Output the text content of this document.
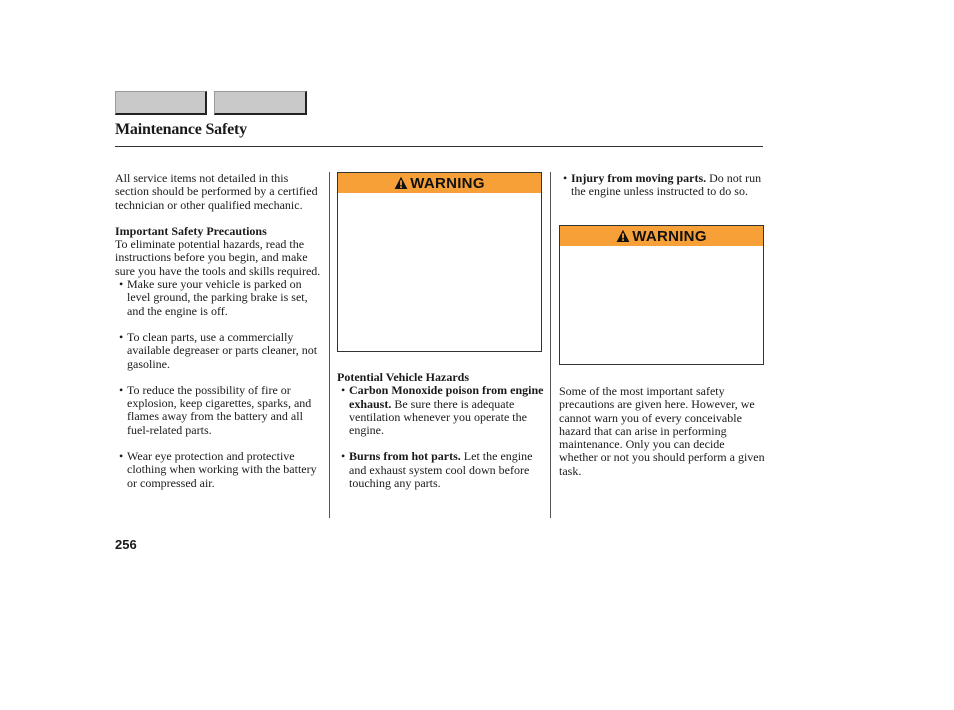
Maintenance Safety

All service items not detailed in this section should be performed by a certified technician or other qualified mechanic.

Important Safety Precautions

To eliminate potential hazards, read the instructions before you begin, and make sure you have the tools and skills required.

• Make sure your vehicle is parked on level ground, the parking brake is set, and the engine is off.
• To clean parts, use a commercially available degreaser or parts cleaner, not gasoline.
• To reduce the possibility of fire or explosion, keep cigarettes, sparks, and flames away from the battery and all fuel-related parts.
• Wear eye protection and protective clothing when working with the battery or compressed air.
WARNING

Potential Vehicle Hazards

• Carbon Monoxide poison from engine exhaust. Be sure there is adequate ventilation whenever you operate the engine.
• Burns from hot parts. Let the engine and exhaust system cool down before touching any parts.
• Injury from moving parts. Do not run the engine unless instructed to do so.
WARNING

Some of the most important safety precautions are given here. However, we cannot warn you of every conceivable hazard that can arise in performing maintenance. Only you can decide whether or not you should perform a given task.

256
